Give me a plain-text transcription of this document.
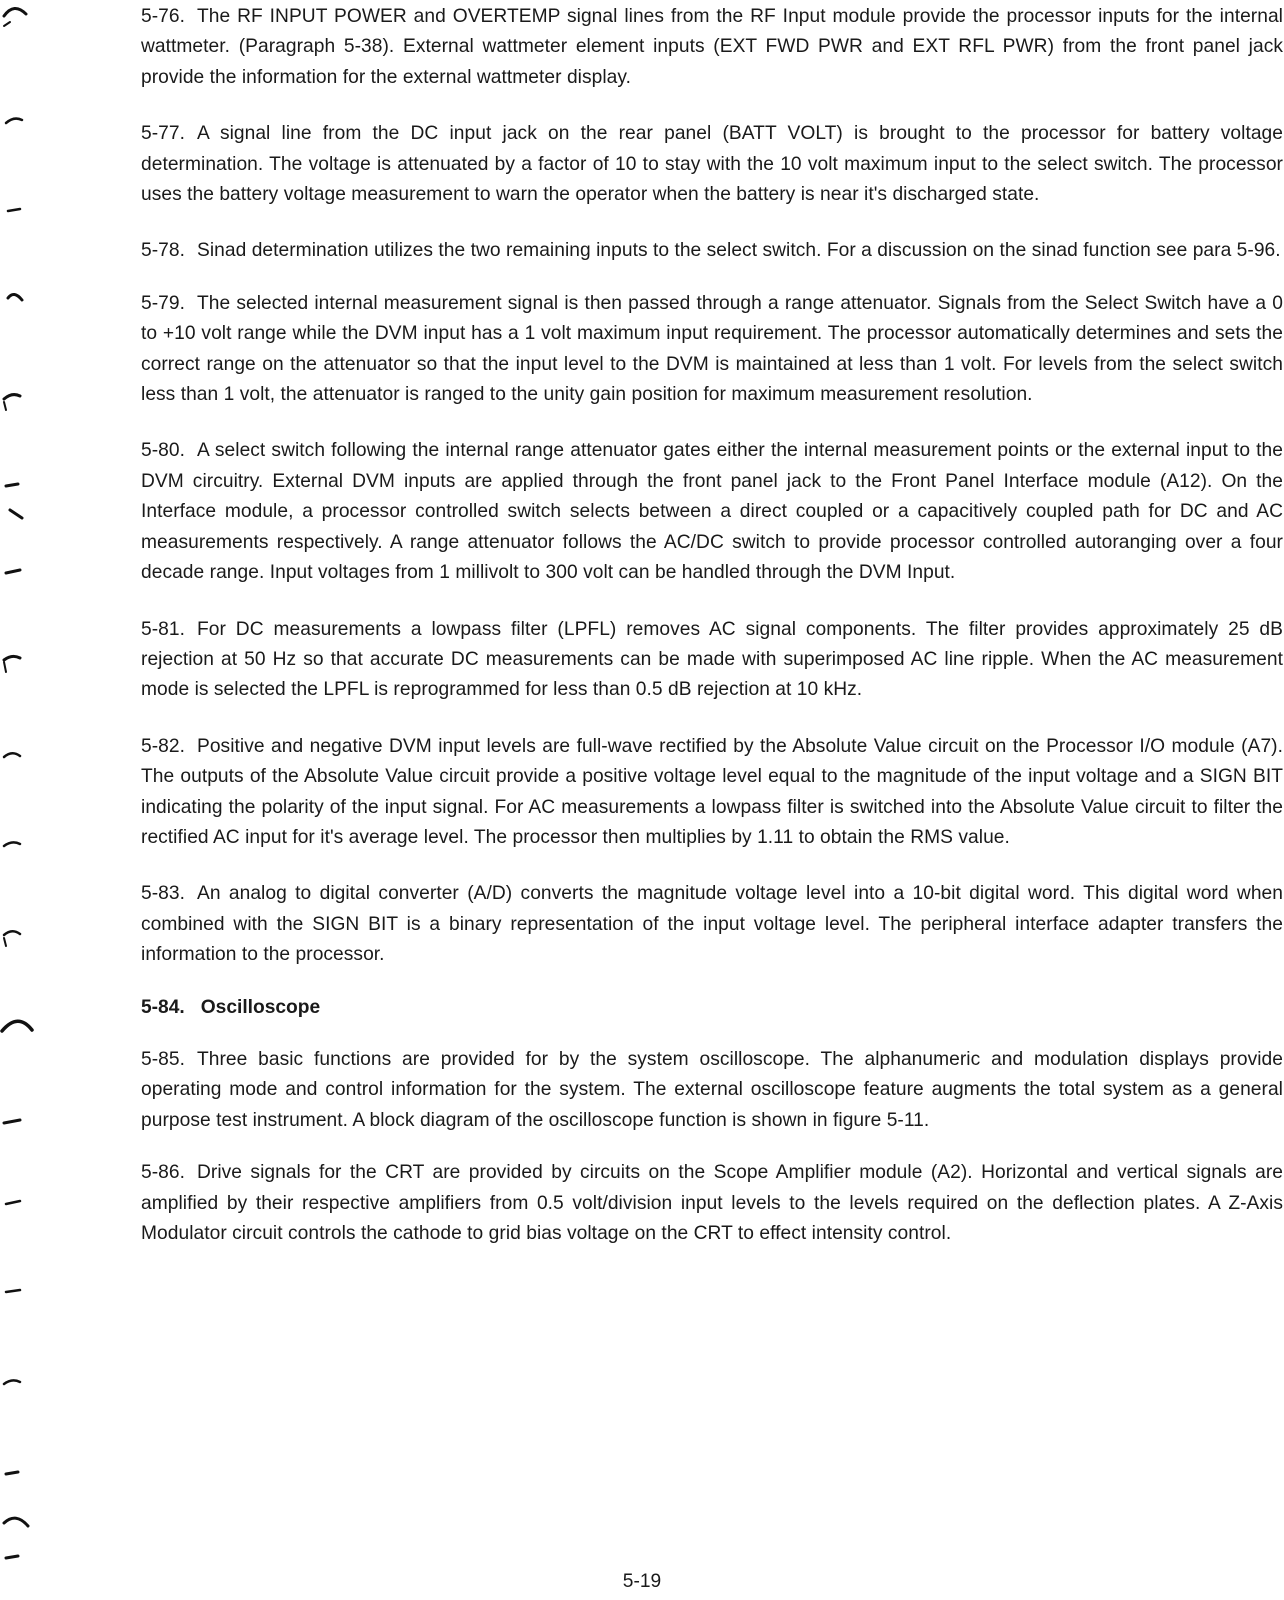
5-76. The RF INPUT POWER and OVERTEMP signal lines from the RF Input module provide the processor inputs for the internal wattmeter. (Paragraph 5-38). External wattmeter element inputs (EXT FWD PWR and EXT RFL PWR) from the front panel jack provide the information for the external wattmeter display.

5-77. A signal line from the DC input jack on the rear panel (BATT VOLT) is brought to the processor for battery voltage determination. The voltage is attenuated by a factor of 10 to stay with the 10 volt maximum input to the select switch. The processor uses the battery voltage measurement to warn the operator when the battery is near it's discharged state.

5-78. Sinad determination utilizes the two remaining inputs to the select switch. For a discussion on the sinad function see para 5-96.

5-79. The selected internal measurement signal is then passed through a range attenuator. Signals from the Select Switch have a 0 to +10 volt range while the DVM input has a 1 volt maximum input requirement. The processor automatically determines and sets the correct range on the attenuator so that the input level to the DVM is maintained at less than 1 volt. For levels from the select switch less than 1 volt, the attenuator is ranged to the unity gain position for maximum measurement resolution.

5-80. A select switch following the internal range attenuator gates either the internal measurement points or the external input to the DVM circuitry. External DVM inputs are applied through the front panel jack to the Front Panel Interface module (A12). On the Interface module, a processor controlled switch selects between a direct coupled or a capacitively coupled path for DC and AC measurements respectively. A range attenuator follows the AC/DC switch to provide processor controlled autoranging over a four decade range. Input voltages from 1 millivolt to 300 volt can be handled through the DVM Input.

5-81. For DC measurements a lowpass filter (LPFL) removes AC signal components. The filter provides approximately 25 dB rejection at 50 Hz so that accurate DC measurements can be made with superimposed AC line ripple. When the AC measurement mode is selected the LPFL is reprogrammed for less than 0.5 dB rejection at 10 kHz.

5-82. Positive and negative DVM input levels are full-wave rectified by the Absolute Value circuit on the Processor I/O module (A7). The outputs of the Absolute Value circuit provide a positive voltage level equal to the magnitude of the input voltage and a SIGN BIT indicating the polarity of the input signal. For AC measurements a lowpass filter is switched into the Absolute Value circuit to filter the rectified AC input for it's average level. The processor then multiplies by 1.11 to obtain the RMS value.

5-83. An analog to digital converter (A/D) converts the magnitude voltage level into a 10-bit digital word. This digital word when combined with the SIGN BIT is a binary representation of the input voltage level. The peripheral interface adapter transfers the information to the processor.

5-84.   Oscilloscope

5-85. Three basic functions are provided for by the system oscilloscope. The alphanumeric and modulation displays provide operating mode and control information for the system. The external oscilloscope feature augments the total system as a general purpose test instrument. A block diagram of the oscilloscope function is shown in figure 5-11.

5-86. Drive signals for the CRT are provided by circuits on the Scope Amplifier module (A2). Horizontal and vertical signals are amplified by their respective amplifiers from 0.5 volt/division input levels to the levels required on the deflection plates. A Z-Axis Modulator circuit controls the cathode to grid bias voltage on the CRT to effect intensity control.

5-19
